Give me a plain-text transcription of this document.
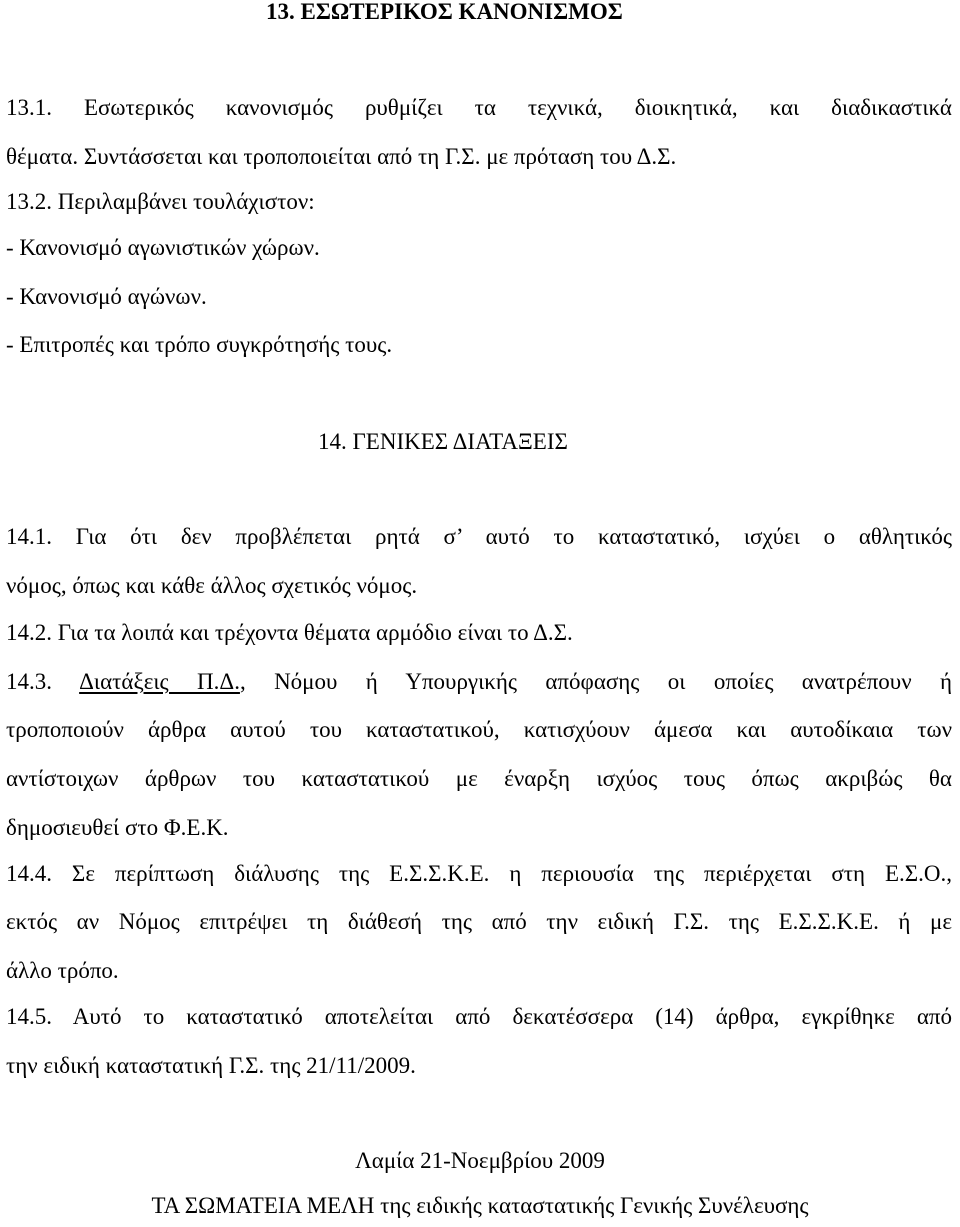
13. ΕΣΩΤΕΡΙΚΟΣ ΚΑΝΟΝΙΣΜΟΣ
13.1. Εσωτερικός κανονισμός ρυθμίζει τα τεχνικά, διοικητικά, και διαδικαστικά
θέματα. Συντάσσεται και τροποποιείται από τη Γ.Σ. με πρόταση του Δ.Σ.
13.2. Περιλαμβάνει τουλάχιστον:
- Κανονισμό αγωνιστικών χώρων.
- Κανονισμό αγώνων.
- Επιτροπές και τρόπο συγκρότησής τους.
14. ΓΕΝΙΚΕΣ ΔΙΑΤΑΞΕΙΣ
14.1. Για ότι δεν προβλέπεται ρητά σ’ αυτό το καταστατικό, ισχύει ο αθλητικός
νόμος, όπως και κάθε άλλος σχετικός νόμος.
14.2. Για τα λοιπά και τρέχοντα θέματα αρμόδιο είναι το Δ.Σ.
14.3. Διατάξεις Π.Δ., Νόμου ή Υπουργικής απόφασης οι οποίες ανατρέπουν ή
τροποποιούν άρθρα αυτού του καταστατικού, κατισχύουν άμεσα και αυτοδίκαια των
αντίστοιχων άρθρων του καταστατικού με έναρξη ισχύος τους όπως ακριβώς θα
δημοσιευθεί στο Φ.Ε.Κ.
14.4. Σε περίπτωση διάλυσης της Ε.Σ.Σ.Κ.Ε. η περιουσία της περιέρχεται στη Ε.Σ.Ο.,
εκτός αν Νόμος επιτρέψει τη διάθεσή της από την ειδική Γ.Σ. της Ε.Σ.Σ.Κ.Ε. ή με
άλλο τρόπο.
14.5. Αυτό το καταστατικό αποτελείται από δεκατέσσερα (14) άρθρα, εγκρίθηκε από
την ειδική καταστατική Γ.Σ. της 21/11/2009.
Λαμία 21-Νοεμβρίου 2009
ΤΑ ΣΩΜΑΤΕΙΑ ΜΕΛΗ της ειδικής καταστατικής Γενικής Συνέλευσης
